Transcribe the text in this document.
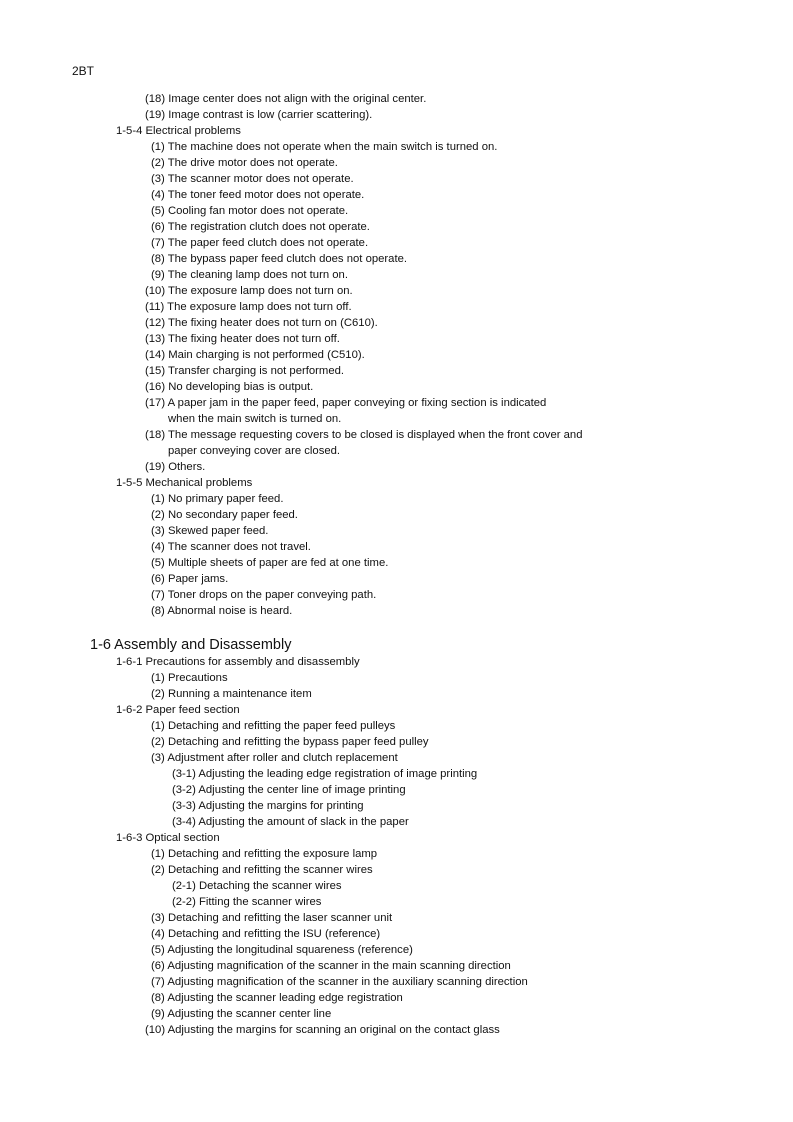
2BT
(18) Image center does not align with the original center.
(19) Image contrast is low (carrier scattering).
1-5-4 Electrical problems
(1) The machine does not operate when the main switch is turned on.
(2) The drive motor does not operate.
(3) The scanner motor does not operate.
(4) The toner feed motor does not operate.
(5) Cooling fan motor does not operate.
(6) The registration clutch does not operate.
(7) The paper feed clutch does not operate.
(8) The bypass paper feed clutch does not operate.
(9) The cleaning lamp does not turn on.
(10) The exposure lamp does not turn on.
(11) The exposure lamp does not turn off.
(12) The fixing heater does not turn on (C610).
(13) The fixing heater does not turn off.
(14) Main charging is not performed (C510).
(15) Transfer charging is not performed.
(16) No developing bias is output.
(17) A paper jam in the paper feed, paper conveying or fixing section is indicated
when the main switch is turned on.
(18) The message requesting covers to be closed is displayed when the front cover and
paper conveying cover are closed.
(19) Others.
1-5-5 Mechanical problems
(1) No primary paper feed.
(2) No secondary paper feed.
(3) Skewed paper feed.
(4) The scanner does not travel.
(5) Multiple sheets of paper are fed at one time.
(6) Paper jams.
(7) Toner drops on the paper conveying path.
(8) Abnormal noise is heard.
1-6 Assembly and Disassembly
1-6-1 Precautions for assembly and disassembly
(1) Precautions
(2) Running a maintenance item
1-6-2 Paper feed section
(1) Detaching and refitting the paper feed pulleys
(2) Detaching and refitting the bypass paper feed pulley
(3) Adjustment after roller and clutch replacement
(3-1) Adjusting the leading edge registration of image printing
(3-2) Adjusting the center line of image printing
(3-3) Adjusting the margins for printing
(3-4) Adjusting the amount of slack in the paper
1-6-3 Optical section
(1) Detaching and refitting the exposure lamp
(2) Detaching and refitting the scanner wires
(2-1) Detaching the scanner wires
(2-2) Fitting the scanner wires
(3) Detaching and refitting the laser scanner unit
(4) Detaching and refitting the ISU (reference)
(5) Adjusting the longitudinal squareness (reference)
(6) Adjusting magnification of the scanner in the main scanning direction
(7) Adjusting magnification of the scanner in the auxiliary scanning direction
(8) Adjusting the scanner leading edge registration
(9) Adjusting the scanner center line
(10) Adjusting the margins for scanning an original on the contact glass
